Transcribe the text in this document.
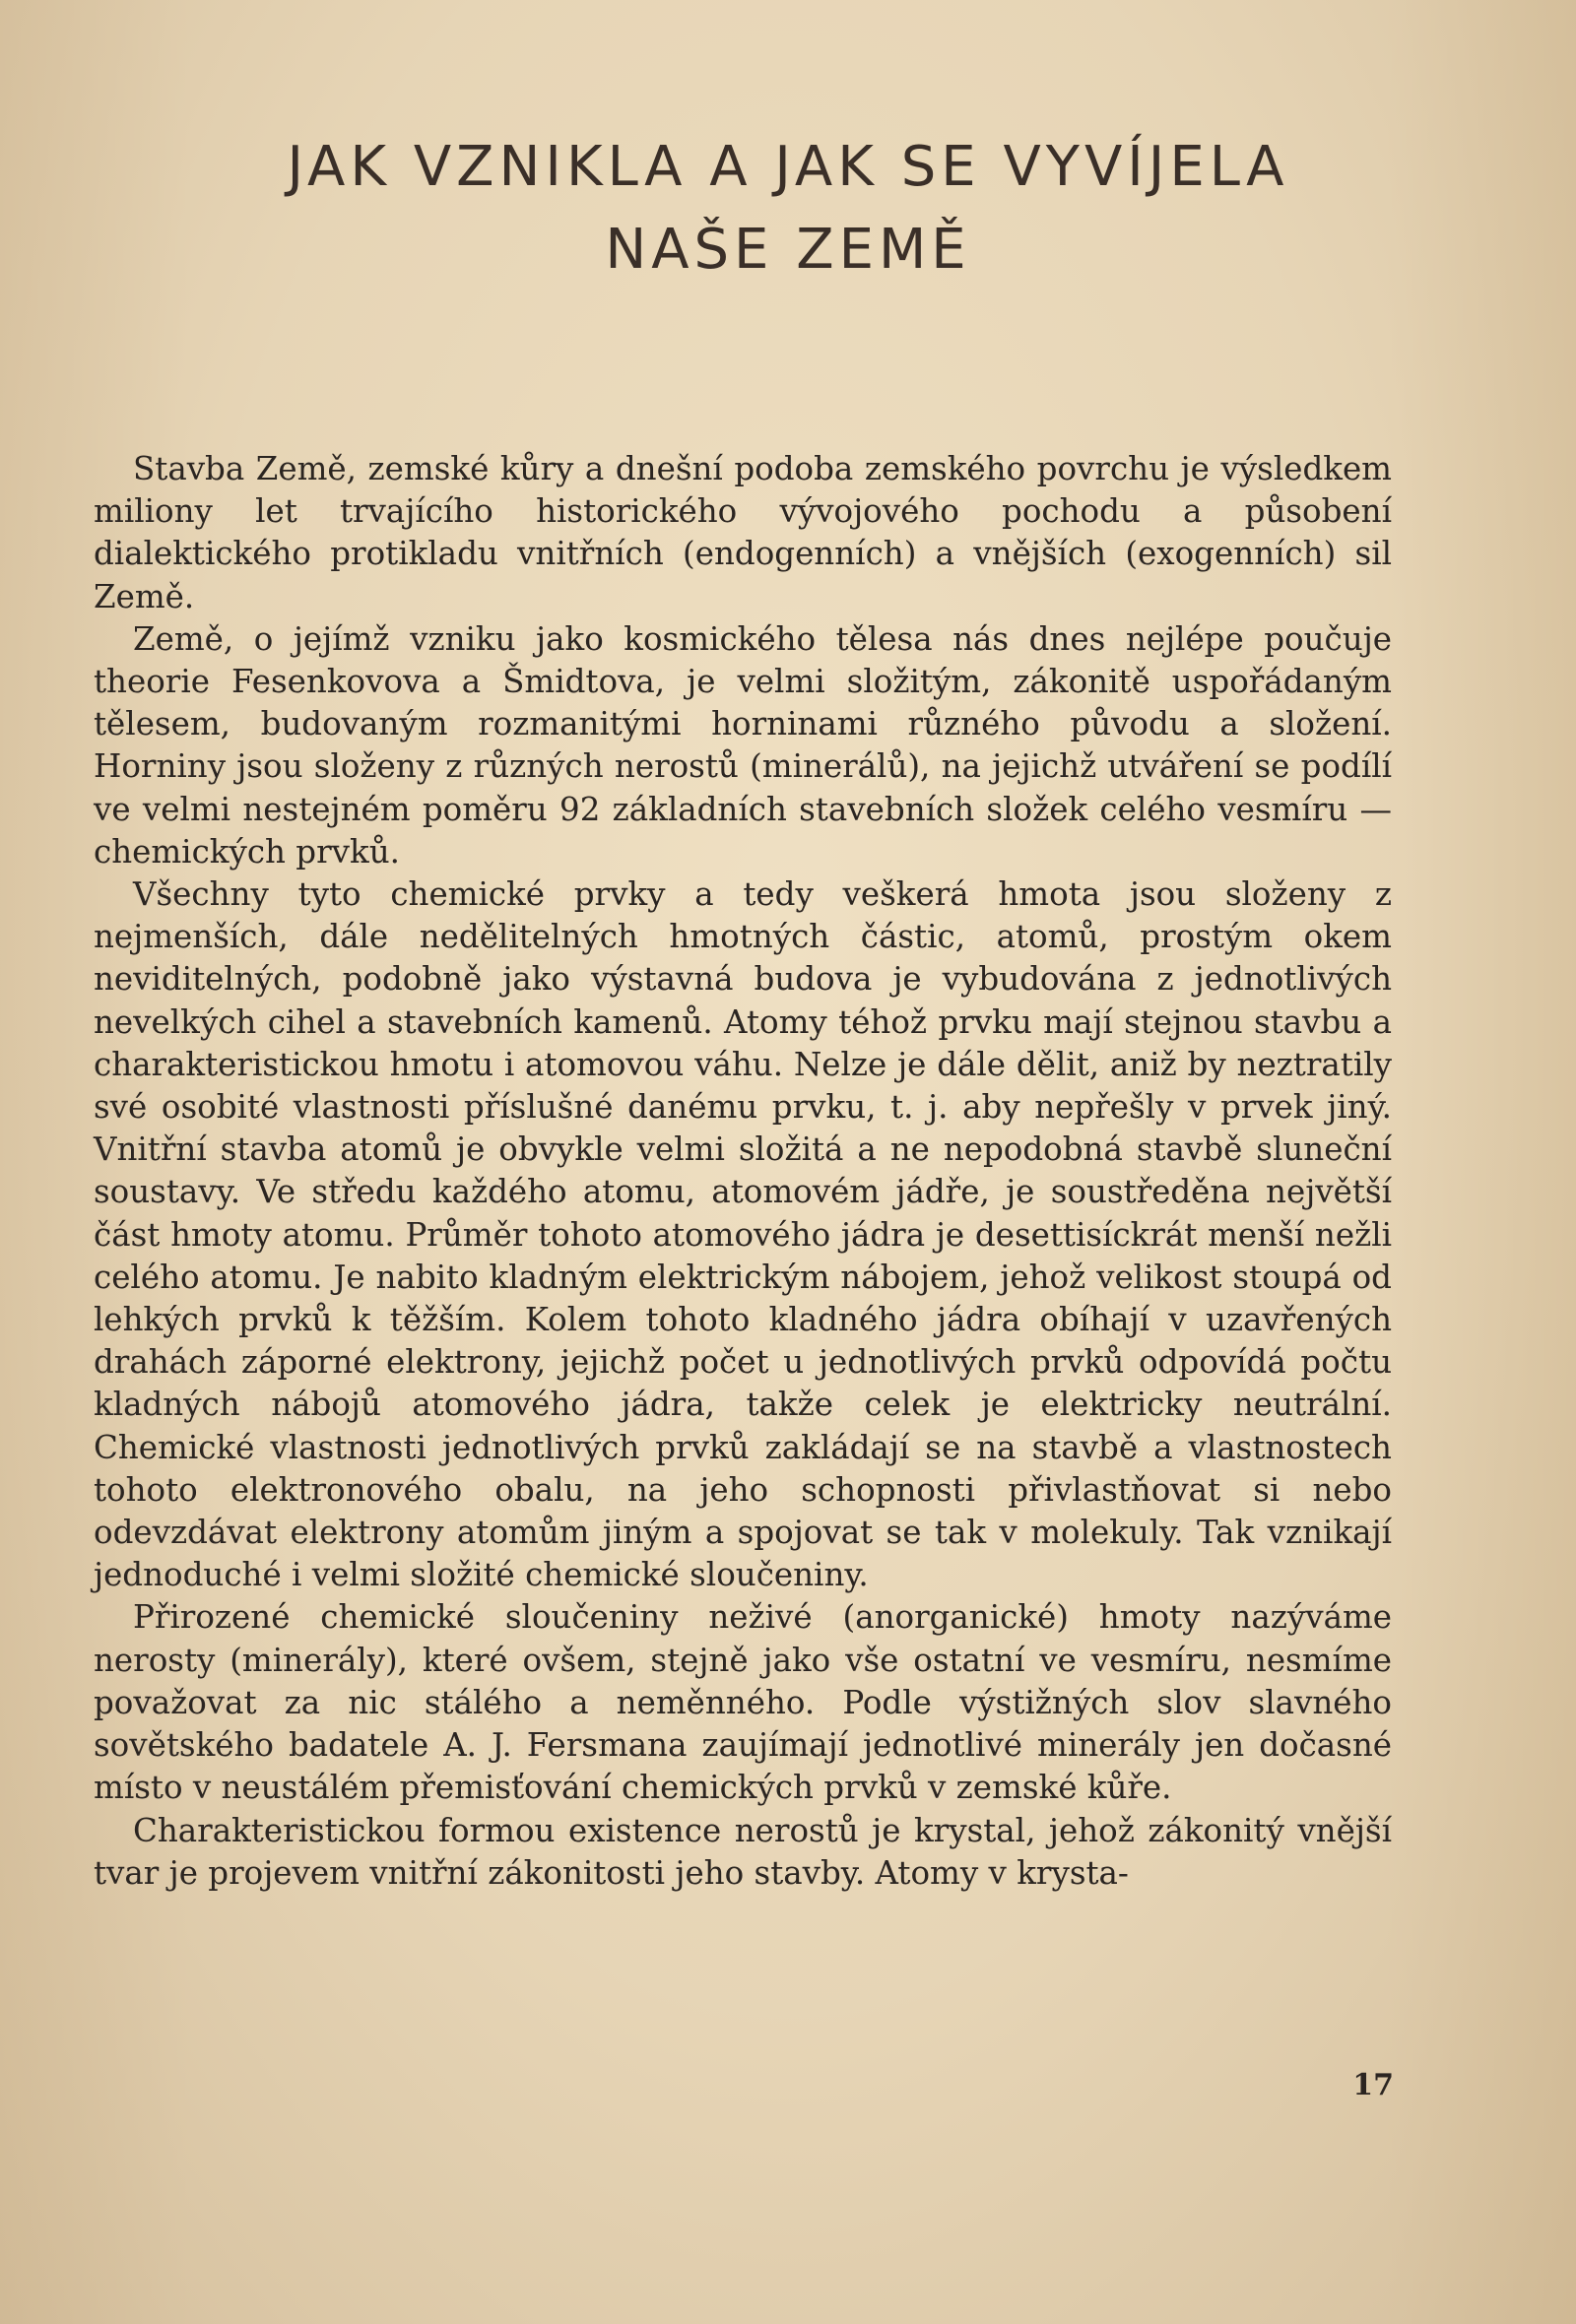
JAK VZNIKLA A JAK SE VYVÍJELA
NAŠE ZEMĚ

Stavba Země, zemské kůry a dnešní podoba zemského povrchu je výsledkem miliony let trvajícího historického vývojového pochodu a působení dialektického protikladu vnitřních (endogenních) a vnějších (exogenních) sil Země.

Země, o jejímž vzniku jako kosmického tělesa nás dnes nejlépe poučuje theorie Fesenkovova a Šmidtova, je velmi složitým, zákonitě uspořádaným tělesem, budovaným rozmanitými horninami různého původu a složení. Horniny jsou složeny z různých nerostů (minerálů), na jejichž utváření se podílí ve velmi nestejném poměru 92 základních stavebních složek celého vesmíru — chemických prvků.

Všechny tyto chemické prvky a tedy veškerá hmota jsou složeny z nejmenších, dále nedělitelných hmotných částic, atomů, prostým okem neviditelných, podobně jako výstavná budova je vybudována z jednotlivých nevelkých cihel a stavebních kamenů. Atomy téhož prvku mají stejnou stavbu a charakteristickou hmotu i atomovou váhu. Nelze je dále dělit, aniž by neztratily své osobité vlastnosti příslušné danému prvku, t. j. aby nepřešly v prvek jiný. Vnitřní stavba atomů je obvykle velmi složitá a ne nepodobná stavbě sluneční soustavy. Ve středu každého atomu, atomovém jádře, je soustředěna největší část hmoty atomu. Průměr tohoto atomového jádra je desettisíckrát menší nežli celého atomu. Je nabito kladným elektrickým nábojem, jehož velikost stoupá od lehkých prvků k těžším. Kolem tohoto kladného jádra obíhají v uzavřených drahách záporné elektrony, jejichž počet u jednotlivých prvků odpovídá počtu kladných nábojů atomového jádra, takže celek je elektricky neutrální. Chemické vlastnosti jednotlivých prvků zakládají se na stavbě a vlastnostech tohoto elektronového obalu, na jeho schopnosti přivlastňovat si nebo odevzdávat elektrony atomům jiným a spojovat se tak v molekuly. Tak vznikají jednoduché i velmi složité chemické sloučeniny.

Přirozené chemické sloučeniny neživé (anorganické) hmoty nazýváme nerosty (minerály), které ovšem, stejně jako vše ostatní ve vesmíru, nesmíme považovat za nic stálého a neměnného. Podle výstižných slov slavného sovětského badatele A. J. Fersmana zaujímají jednotlivé minerály jen dočasné místo v neustálém přemisťování chemických prvků v zemské kůře.

Charakteristickou formou existence nerostů je krystal, jehož zákonitý vnější tvar je projevem vnitřní zákonitosti jeho stavby. Atomy v krysta-

17
